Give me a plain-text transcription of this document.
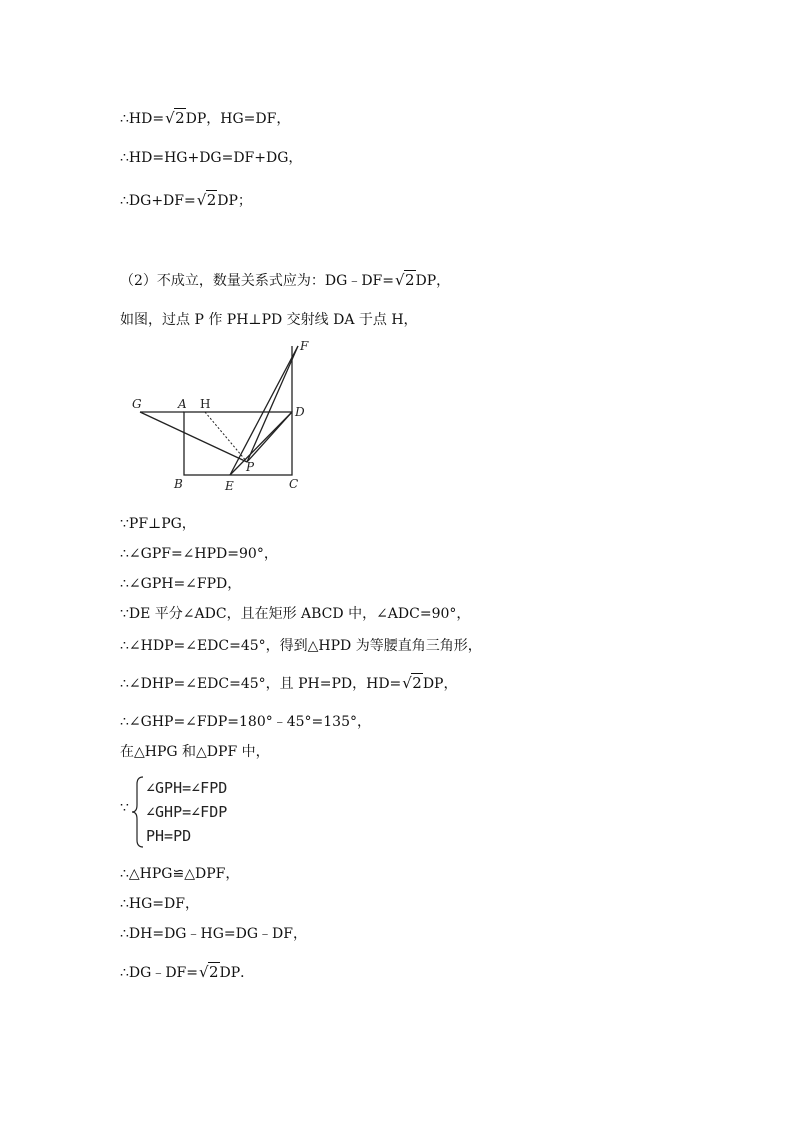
∴HD= √ 2DP，HG=DF，
∴HD=HG+DG=DF+DG，
∴DG+DF= √ 2DP；
（2）不成立，数量关系式应为：DG﹣DF= √ 2DP，
如图，过点 P 作 PH⊥PD 交射线 DA 于点 H，
G	A H
F
D
P
B	E	C
∵PF⊥PG，
∴∠GPF=∠HPD=90°，
∴∠GPH=∠FPD，
∵DE 平分∠ADC，且在矩形 ABCD 中，∠ADC=90°，
∴∠HDP=∠EDC=45°，得到△HPD 为等腰直角三角形，
∴∠DHP=∠EDC=45°，且 PH=PD，HD= √ 2DP，
∴∠GHP=∠FDP=180°﹣45°=135°，
在△HPG 和△DPF 中，
∵
∠GPH=∠FPD
∠GHP=∠FDP
PH=PD
∴△HPG≌△DPF，
∴HG=DF，
∴DH=DG﹣HG=DG﹣DF，
∴DG﹣DF= √ 2DP．
